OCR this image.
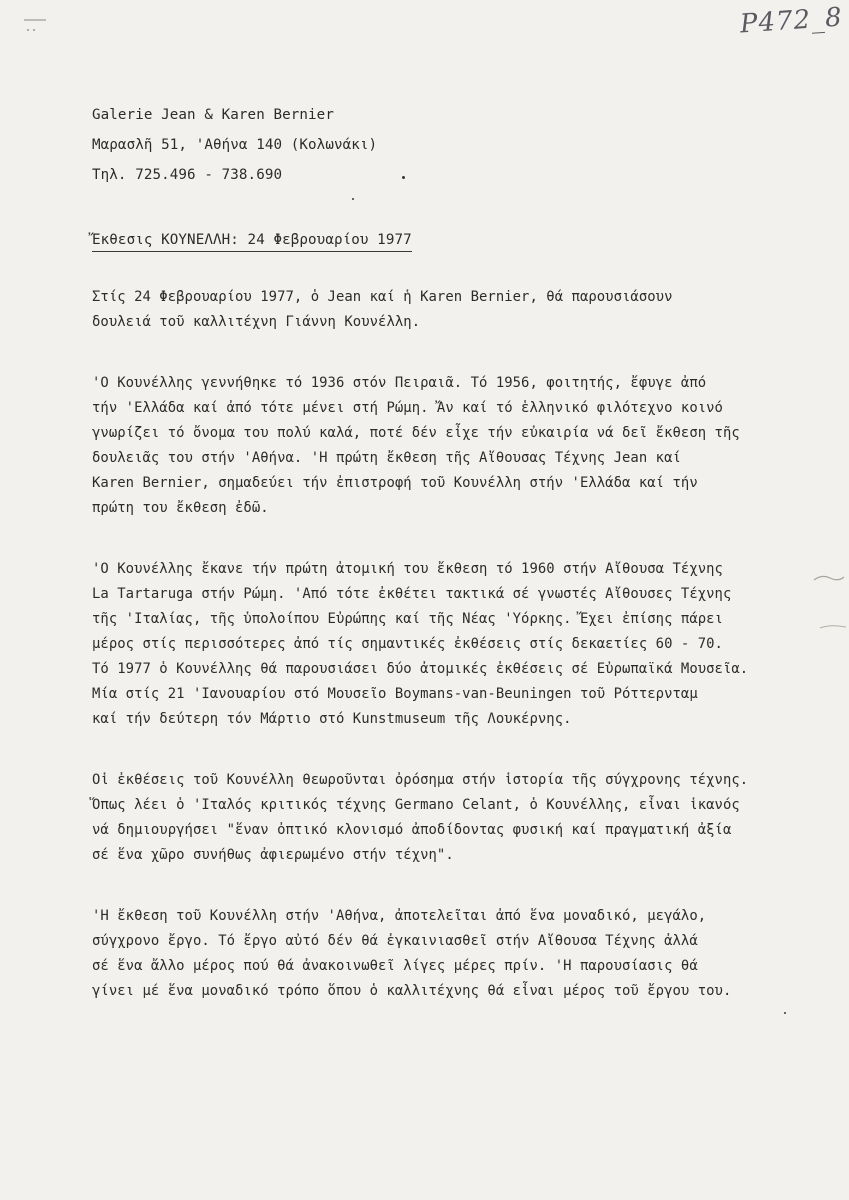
P472_8
Galerie Jean & Karen Bernier
Μαρασλῆ 51, 'Αθήνα 140 (Κολωνάκι)
Τηλ. 725.496 - 738.690
Ἔκθεσις ΚΟΥΝΕΛΛΗ: 24 Φεβρουαρίου 1977
Στίς 24 Φεβρουαρίου 1977, ὁ Jean καί ἡ Karen Bernier, θά παρουσιάσουν
δουλειά τοῦ καλλιτέχνη Γιάννη Κουνέλλη.
'Ο Κουνέλλης γεννήθηκε τό 1936 στόν Πειραιᾶ. Τό 1956, φοιτητής, ἔφυγε ἀπό
τήν 'Ελλάδα καί ἀπό τότε μένει στή Ρώμη. Ἄν καί τό ἑλληνικό φιλότεχνο κοινό
γνωρίζει τό ὄνομα του πολύ καλά, ποτέ δέν εἶχε τήν εὐκαιρία νά δεῖ ἔκθεση τῆς
δουλειᾶς του στήν 'Αθήνα. 'Η πρώτη ἔκθεση τῆς Αἴθουσας Τέχνης Jean καί
Karen Bernier, σημαδεύει τήν ἐπιστροφή τοῦ Κουνέλλη στήν 'Ελλάδα καί τήν
πρώτη του ἔκθεση ἐδῶ.
'Ο Κουνέλλης ἔκανε τήν πρώτη ἀτομική του ἔκθεση τό 1960 στήν Αἴθουσα Τέχνης
La Tartaruga στήν Ρώμη. 'Από τότε ἐκθέτει τακτικά σέ γνωστές Αἴθουσες Τέχνης
τῆς 'Ιταλίας, τῆς ὑπολοίπου Εὐρώπης καί τῆς Νέας 'Υόρκης. Ἔχει ἐπίσης πάρει
μέρος στίς περισσότερες ἀπό τίς σημαντικές ἐκθέσεις στίς δεκαετίες 60 - 70.
Τό 1977 ὁ Κουνέλλης θά παρουσιάσει δύο ἀτομικές ἐκθέσεις σέ Εὐρωπαϊκά Μουσεῖα.
Μία στίς 21 'Ιανουαρίου στό Μουσεῖο Boymans-van-Beuningen τοῦ Ρόττερνταμ
καί τήν δεύτερη τόν Μάρτιο στό Kunstmuseum τῆς Λουκέρνης.
Οἱ ἐκθέσεις τοῦ Κουνέλλη θεωροῦνται ὀρόσημα στήν ἱστορία τῆς σύγχρονης τέχνης.
Ὅπως λέει ὁ 'Ιταλός κριτικός τέχνης Germano Celant, ὁ Κουνέλλης, εἶναι ἱκανός
νά δημιουργήσει "ἕναν ὀπτικό κλονισμό ἀποδίδοντας φυσική καί πραγματική ἀξία
σέ ἕνα χῶρο συνήθως ἀφιερωμένο στήν τέχνη".
'Η ἔκθεση τοῦ Κουνέλλη στήν 'Αθήνα, ἀποτελεῖται ἀπό ἕνα μοναδικό, μεγάλο,
σύγχρονο ἔργο. Τό ἔργο αὐτό δέν θά ἐγκαινιασθεῖ στήν Αἴθουσα Τέχνης ἀλλά
σέ ἕνα ἄλλο μέρος πού θά ἀνακοινωθεῖ λίγες μέρες πρίν. 'Η παρουσίασις θά
γίνει μέ ἕνα μοναδικό τρόπο ὅπου ὁ καλλιτέχνης θά εἶναι μέρος τοῦ ἔργου του.
